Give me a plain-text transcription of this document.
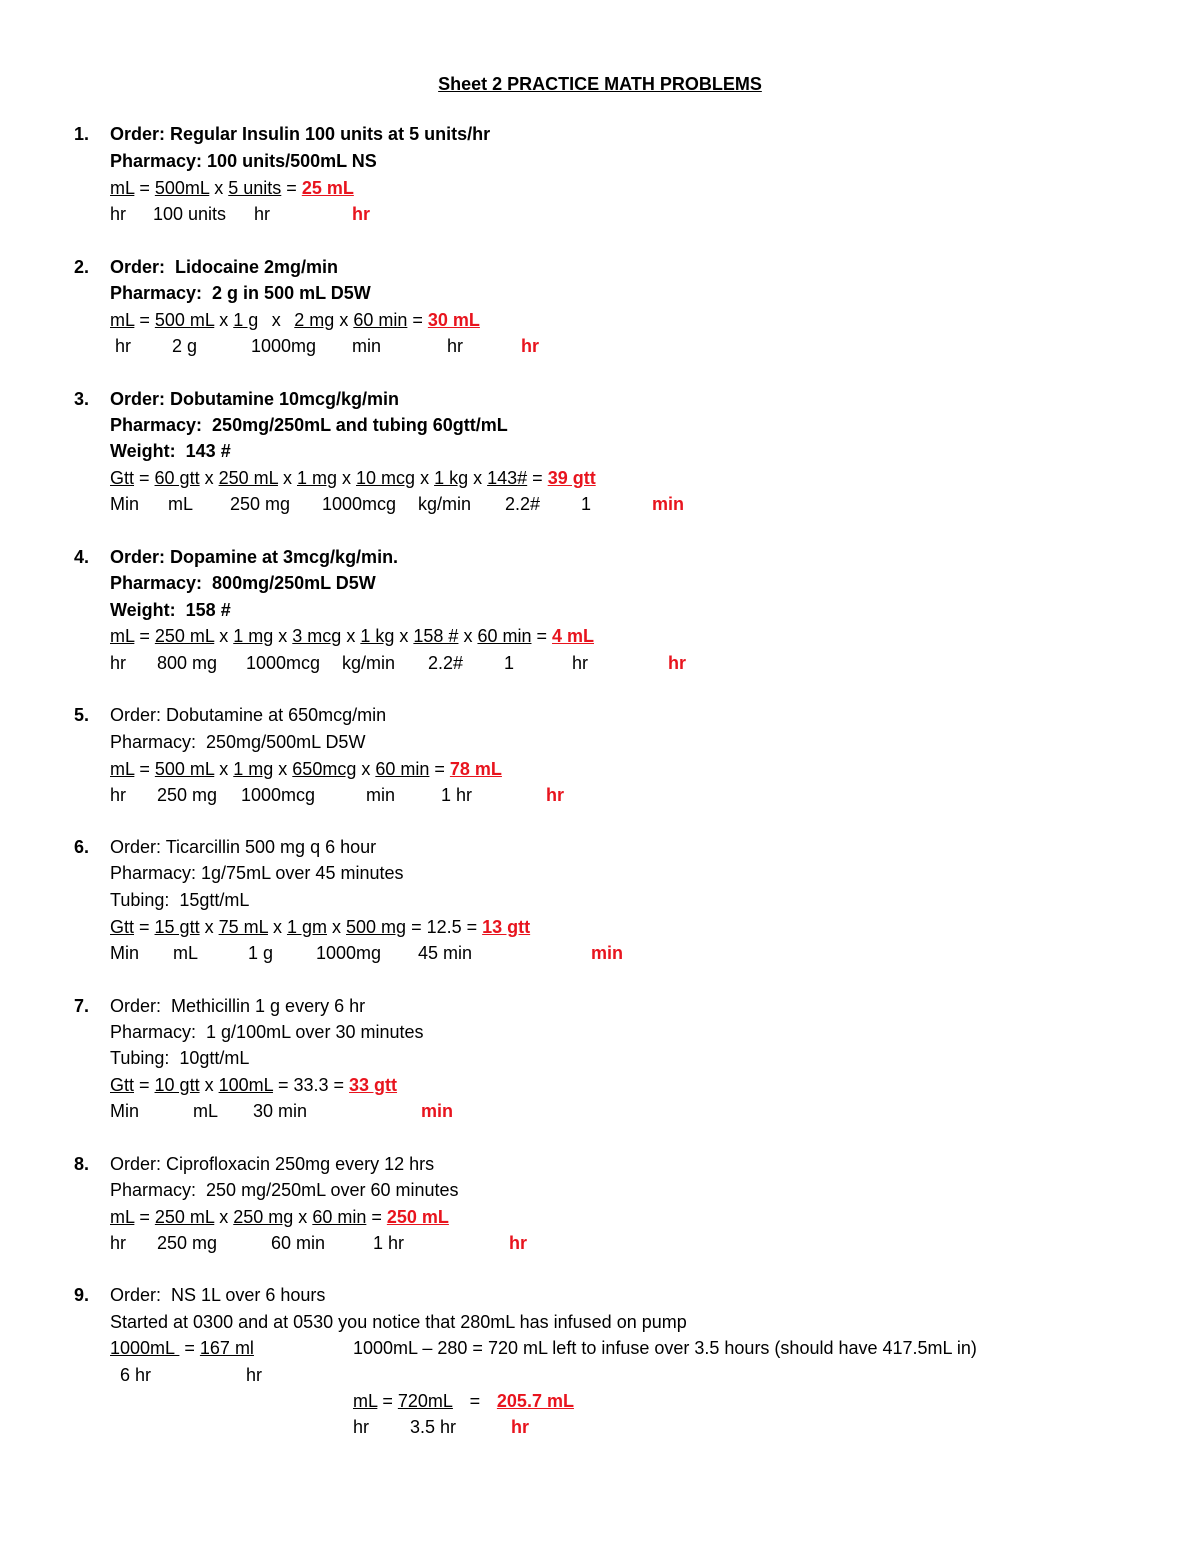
Sheet 2 PRACTICE MATH PROBLEMS
1. Order: Regular Insulin 100 units at 5 units/hr
Pharmacy: 100 units/500mL NS
mL = 500mL x 5 units = 25 mL
hr 100 units hr	hr
2. Order:  Lidocaine 2mg/min
Pharmacy:  2 g in 500 mL D5W
mL = 500 mL x 1 g x 2 mg x 60 min = 30 mL
hr 2 g	1000mg min	hr	hr
3. Order: Dobutamine 10mcg/kg/min
Pharmacy:  250mg/250mL and tubing 60gtt/mL
Weight:  143 #
Gtt = 60 gtt x 250 mL x 1 mg x 10 mcg x 1 kg x 143# = 39 gtt
Min mL 250 mg 1000mcg kg/min 2.2# 1	min
4. Order: Dopamine at 3mcg/kg/min.
Pharmacy:  800mg/250mL D5W
Weight:  158 #
mL = 250 mL x 1 mg x 3 mcg x 1 kg x 158 # x 60 min = 4 mL
hr 800 mg 1000mcg kg/min 2.2# 1	hr	hr
5. Order: Dobutamine at 650mcg/min
Pharmacy:  250mg/500mL D5W
mL = 500 mL x 1 mg x 650mcg x 60 min = 78 mL
hr 250 mg 1000mcg	min	1 hr	hr
6. Order: Ticarcillin 500 mg q 6 hour
Pharmacy: 1g/75mL over 45 minutes
Tubing:  15gtt/mL
Gtt = 15 gtt x 75 mL x 1 gm x 500 mg = 12.5 = 13 gtt
Min mL	1 g 1000mg 45 min	min
7. Order:  Methicillin 1 g every 6 hr
Pharmacy:  1 g/100mL over 30 minutes
Tubing:  10gtt/mL
Gtt = 10 gtt x 100mL = 33.3 = 33 gtt
Min	mL 30 min	min
8. Order: Ciprofloxacin 250mg every 12 hrs
Pharmacy:  250 mg/250mL over 60 minutes
mL = 250 mL x 250 mg x 60 min = 250 mL
hr 250 mg	60 min	1 hr	hr
9. Order:  NS 1L over 6 hours
Started at 0300 and at 0530 you notice that 280mL has infused on pump
1000mL  = 167 ml	1000mL – 280 = 720 mL left to infuse over 3.5 hours (should have 417.5mL in)
6 hr	hr
mL = 720mL = 205.7 mL
hr 3.5 hr	hr
